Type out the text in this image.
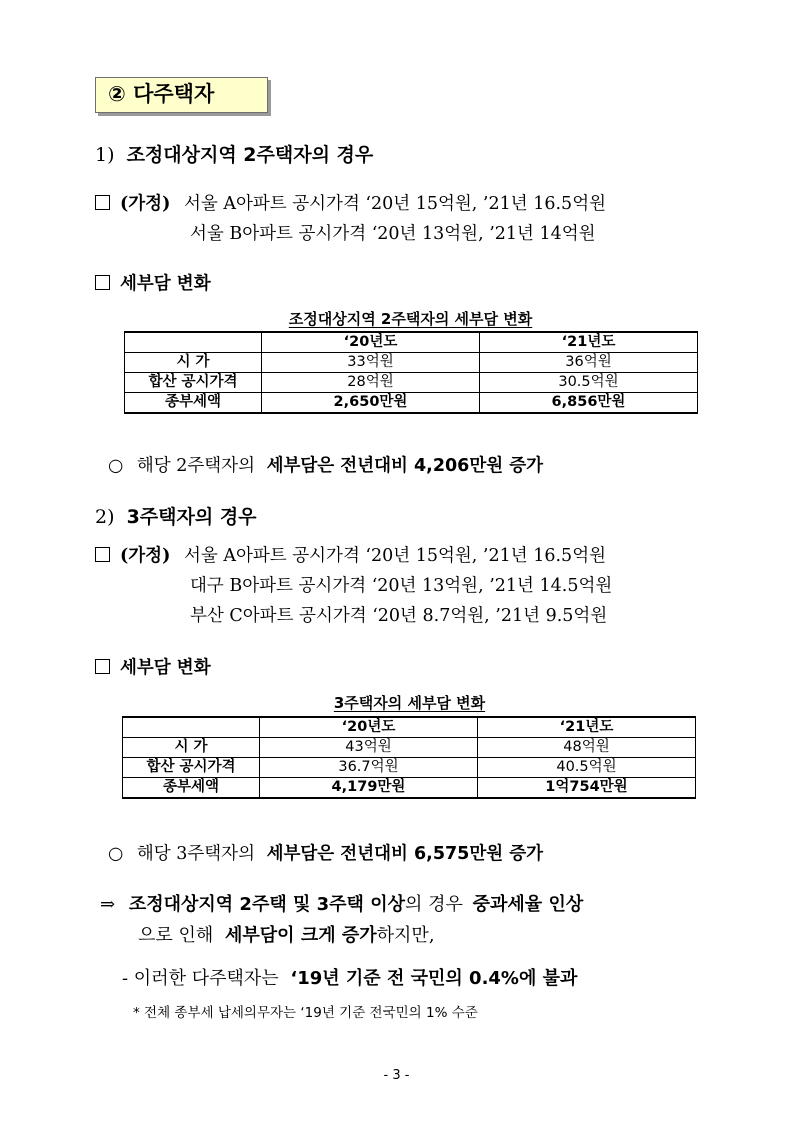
② 다주택자
1) 조정대상지역 2주택자의 경우
(가정) 서울 A아파트 공시가격 ‘20년 15억원, ’21년 16.5억원
서울 B아파트 공시가격 ‘20년 13억원, ’21년 14억원
세부담 변화
조정대상지역 2주택자의 세부담 변화
	‘20년도	‘21년도
시 가	33억원	36억원
합산 공시가격	28억원	30.5억원
종부세액	2,650만원	6,856만원
○ 해당 2주택자의 세부담은 전년대비 4,206만원 증가
2) 3주택자의 경우
(가정) 서울 A아파트 공시가격 ‘20년 15억원, ’21년 16.5억원
대구 B아파트 공시가격 ‘20년 13억원, ’21년 14.5억원
부산 C아파트 공시가격 ‘20년 8.7억원, ’21년 9.5억원
세부담 변화
3주택자의 세부담 변화
	‘20년도	‘21년도
시 가	43억원	48억원
합산 공시가격	36.7억원	40.5억원
종부세액	4,179만원	1억754만원
○ 해당 3주택자의 세부담은 전년대비 6,575만원 증가
⇒ 조정대상지역 2주택 및 3주택 이상의 경우 중과세율 인상
으로 인해 세부담이 크게 증가하지만,
- 이러한 다주택자는 ‘19년 기준 전 국민의 0.4%에 불과
* 전체 종부세 납세의무자는 ‘19년 기준 전국민의 1% 수준
- 3 -
